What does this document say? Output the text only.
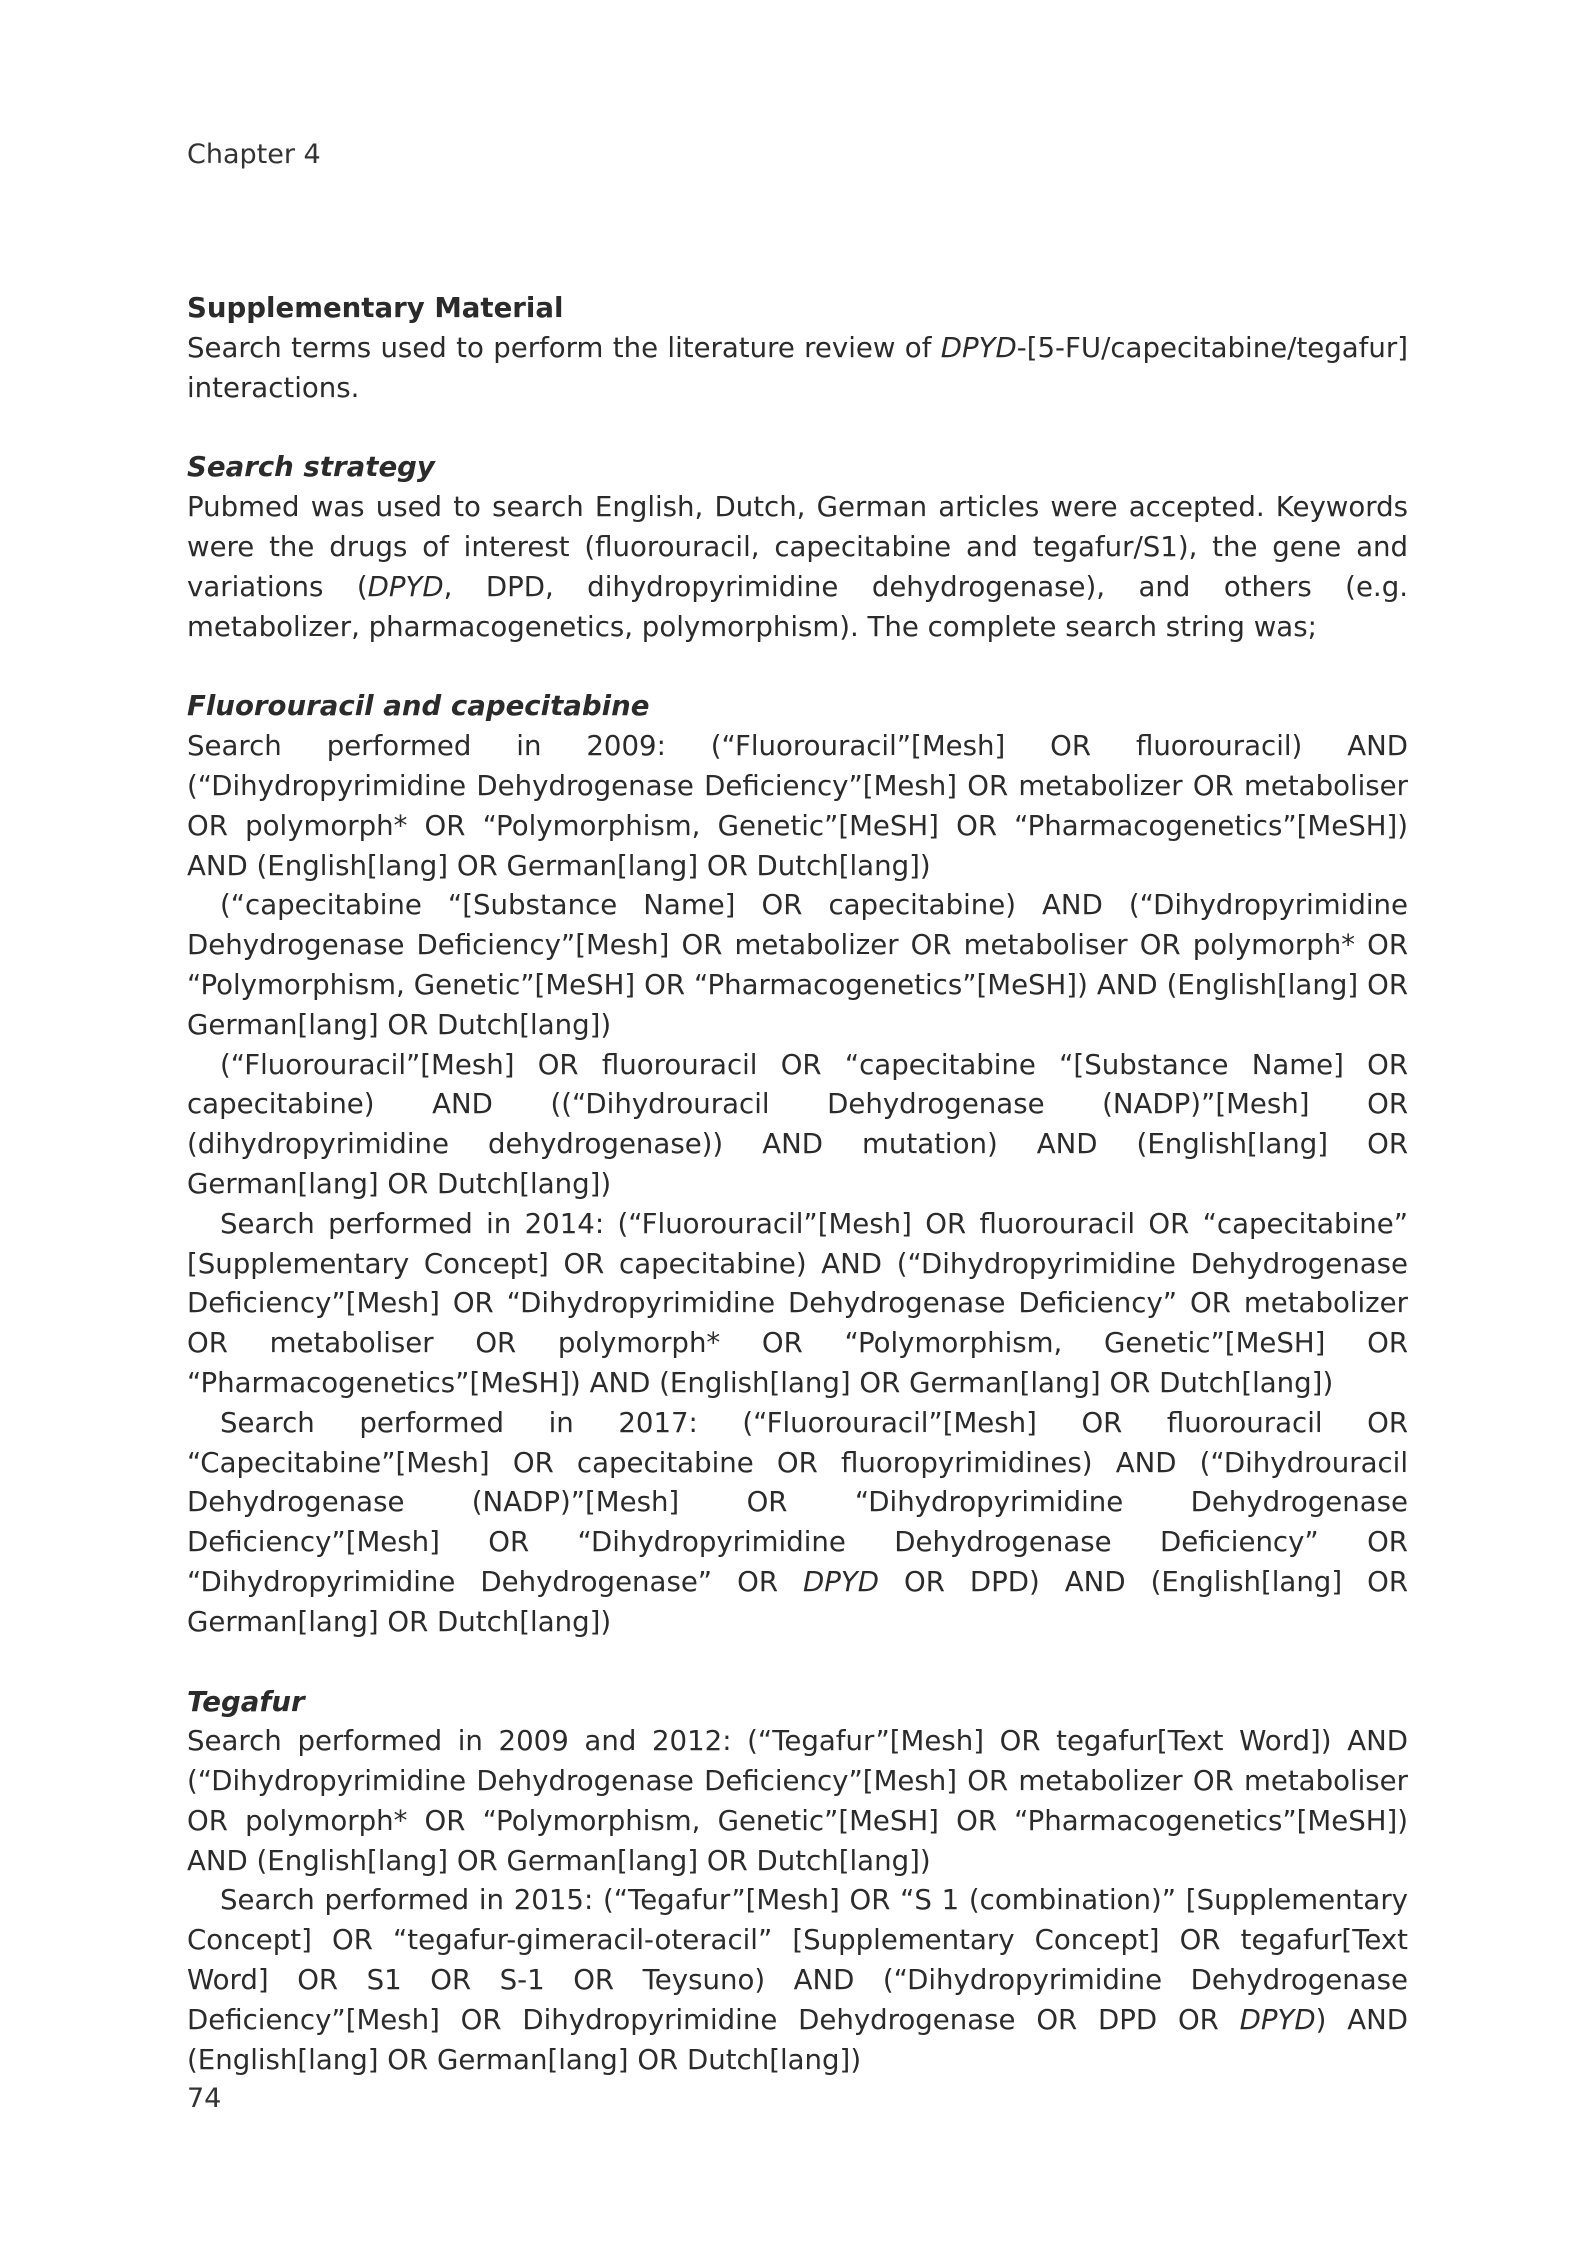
Chapter 4

Supplementary Material

Search terms used to perform the literature review of DPYD-[5-FU/capecitabine/tegafur] interactions.

Search strategy

Pubmed was used to search English, Dutch, German articles were accepted. Keywords were the drugs of interest (fluorouracil, capecitabine and tegafur/S1), the gene and variations (DPYD, DPD, dihydropyrimidine dehydrogenase), and others (e.g. metabolizer, pharmacogenetics, polymorphism). The complete search string was;

Fluorouracil and capecitabine

Search performed in 2009: (“Fluorouracil”[Mesh] OR fluorouracil) AND (“Dihydropyrimidine Dehydrogenase Deficiency”[Mesh] OR metabolizer OR metaboliser OR polymorph* OR “Polymorphism, Genetic”[MeSH] OR “Pharmacogenetics”[MeSH]) AND (English[lang] OR German[lang] OR Dutch[lang])

(“capecitabine “[Substance Name] OR capecitabine) AND (“Dihydropyrimidine Dehydrogenase Deficiency”[Mesh] OR metabolizer OR metaboliser OR polymorph* OR “Polymorphism, Genetic”[MeSH] OR “Pharmacogenetics”[MeSH]) AND (English[lang] OR German[lang] OR Dutch[lang])

(“Fluorouracil”[Mesh] OR fluorouracil OR “capecitabine “[Substance Name] OR capecitabine) AND ((“Dihydrouracil Dehydrogenase (NADP)”[Mesh] OR (dihydropyrimidine dehydrogenase)) AND mutation) AND (English[lang] OR German[lang] OR Dutch[lang])

Search performed in 2014: (“Fluorouracil”[Mesh] OR fluorouracil OR “capecitabine” [Supplementary Concept] OR capecitabine) AND (“Dihydropyrimidine Dehydrogenase Deficiency”[Mesh] OR “Dihydropyrimidine Dehydrogenase Deficiency” OR metabolizer OR metaboliser OR polymorph* OR “Polymorphism, Genetic”[MeSH] OR “Pharmacogenetics”[MeSH]) AND (English[lang] OR German[lang] OR Dutch[lang])

Search performed in 2017: (“Fluorouracil”[Mesh] OR fluorouracil OR “Capecitabine”[Mesh] OR capecitabine OR fluoropyrimidines) AND (“Dihydrouracil Dehydrogenase (NADP)”[Mesh] OR “Dihydropyrimidine Dehydrogenase Deficiency”[Mesh] OR “Dihydropyrimidine Dehydrogenase Deficiency” OR “Dihydropyrimidine Dehydrogenase” OR DPYD OR DPD) AND (English[lang] OR German[lang] OR Dutch[lang])

Tegafur

Search performed in 2009 and 2012: (“Tegafur”[Mesh] OR tegafur[Text Word]) AND (“Dihydropyrimidine Dehydrogenase Deficiency”[Mesh] OR metabolizer OR metaboliser OR polymorph* OR “Polymorphism, Genetic”[MeSH] OR “Pharmacogenetics”[MeSH]) AND (English[lang] OR German[lang] OR Dutch[lang])

Search performed in 2015: (“Tegafur”[Mesh] OR “S 1 (combination)” [Supplementary Concept] OR “tegafur-gimeracil-oteracil” [Supplementary Concept] OR tegafur[Text Word] OR S1 OR S-1 OR Teysuno) AND (“Dihydropyrimidine Dehydrogenase Deficiency”[Mesh] OR Dihydropyrimidine Dehydrogenase OR DPD OR DPYD) AND (English[lang] OR German[lang] OR Dutch[lang])

74
